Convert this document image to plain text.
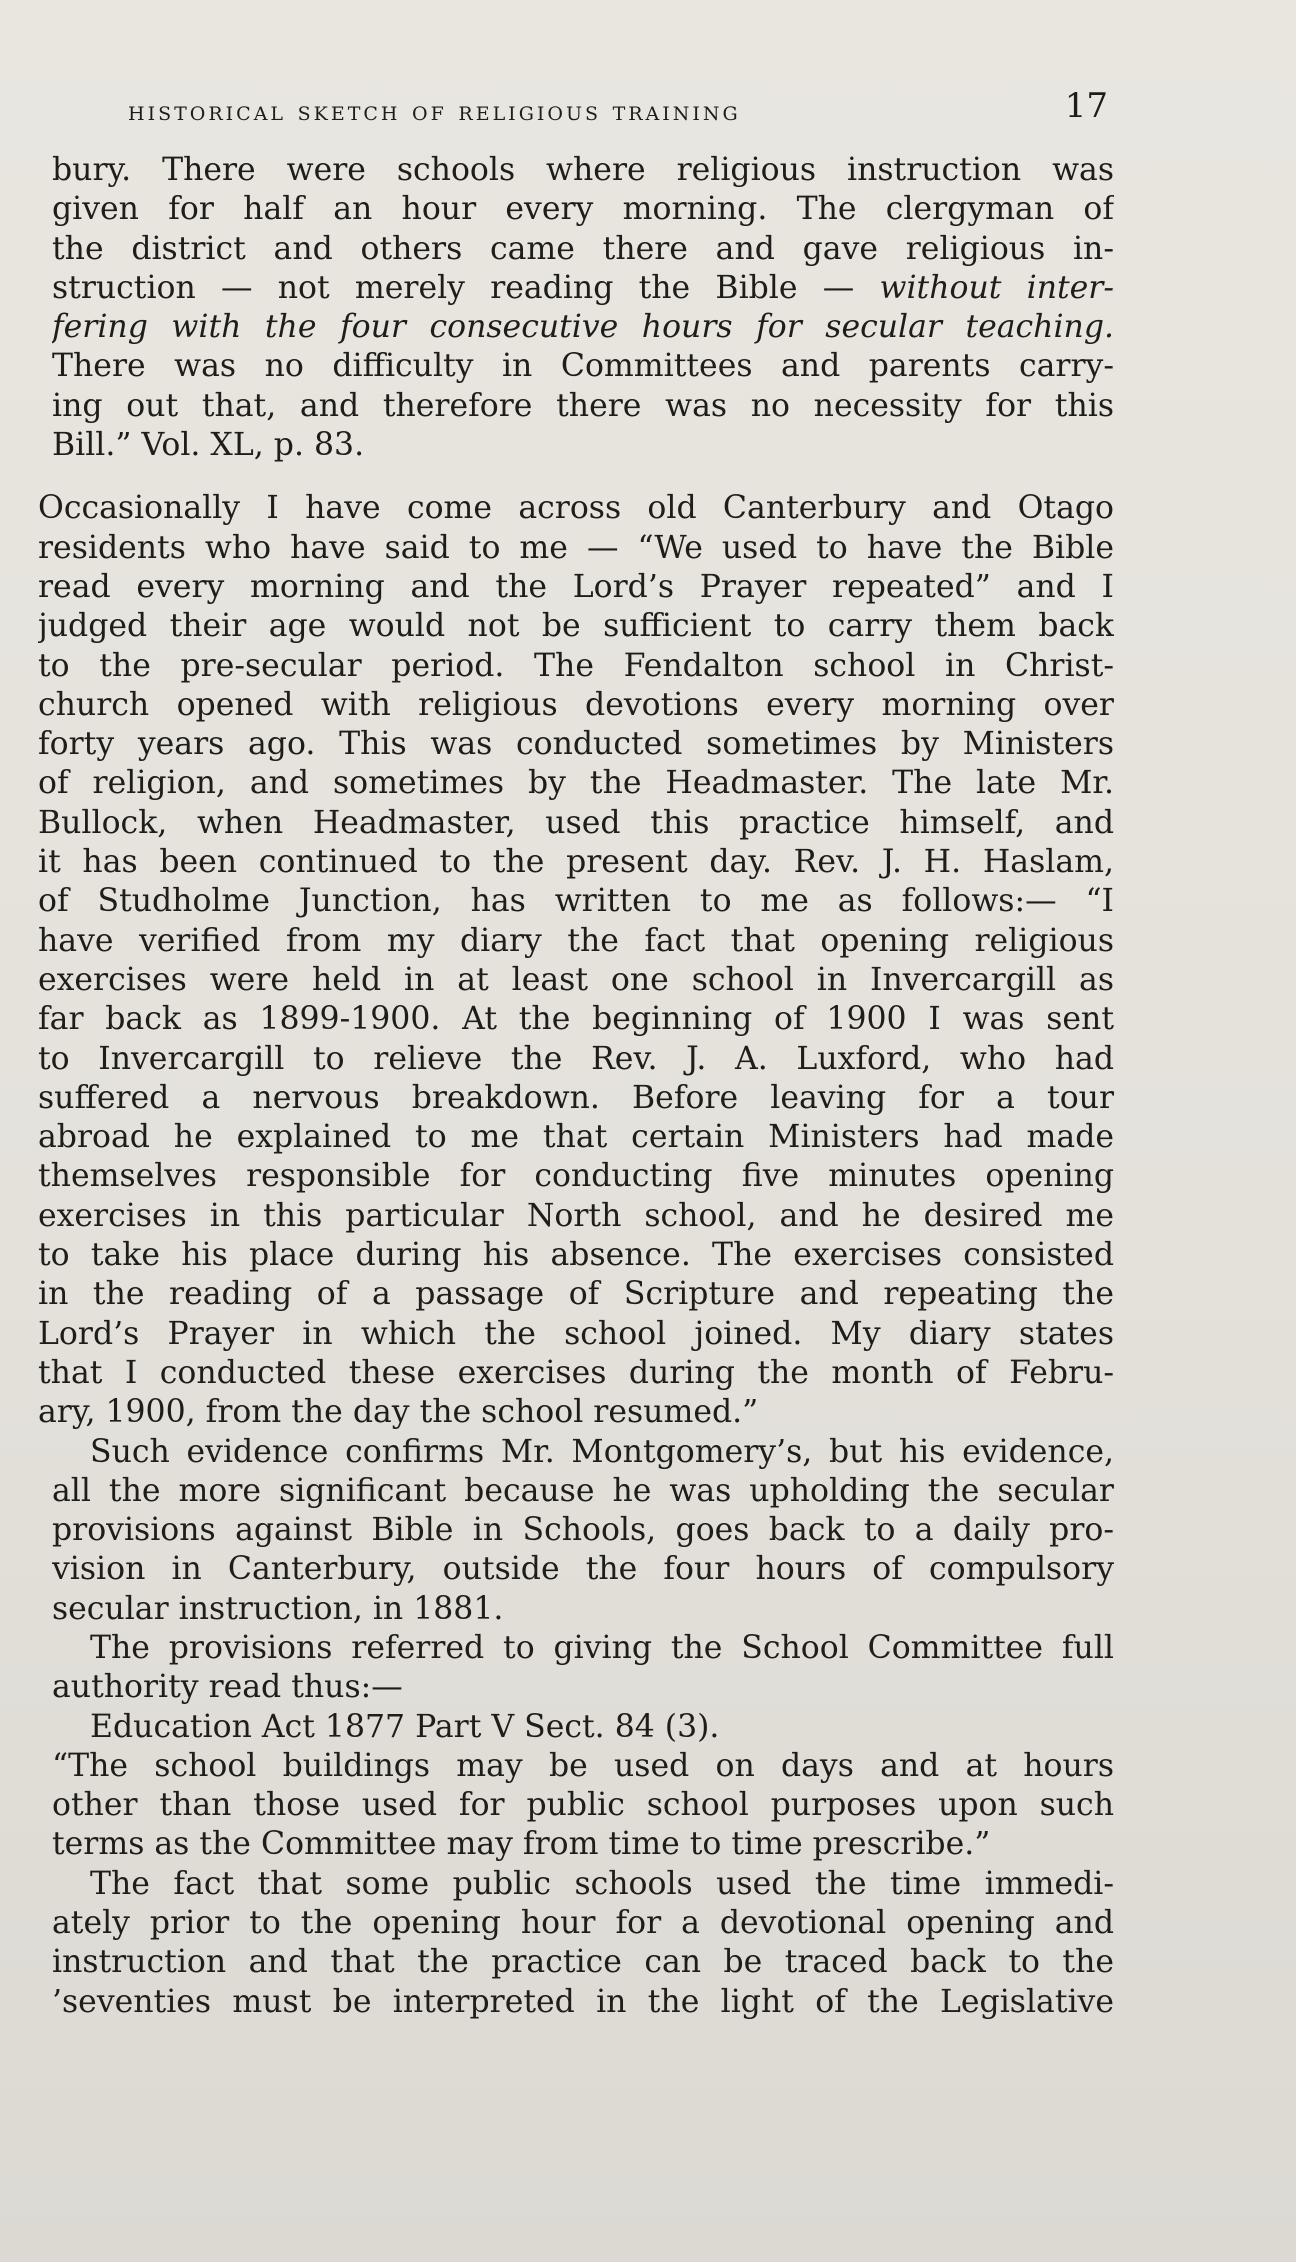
historical sketch of religious training	17
bury. There were schools where religious instruction was
given for half an hour every morning. The clergyman of
the district and others came there and gave religious in-
struction — not merely reading the Bible — without inter-
fering with the four consecutive hours for secular teaching.
There was no difficulty in Committees and parents carry-
ing out that, and therefore there was no necessity for this
Bill.” Vol. XL, p. 83.
Occasionally I have come across old Canterbury and Otago
residents who have said to me — “We used to have the Bible
read every morning and the Lord’s Prayer repeated” and I
judged their age would not be sufficient to carry them back
to the pre-secular period. The Fendalton school in Christ-
church opened with religious devotions every morning over
forty years ago. This was conducted sometimes by Ministers
of religion, and sometimes by the Headmaster. The late Mr.
Bullock, when Headmaster, used this practice himself, and
it has been continued to the present day. Rev. J. H. Haslam,
of Studholme Junction, has written to me as follows:— “I
have verified from my diary the fact that opening religious
exercises were held in at least one school in Invercargill as
far back as 1899-1900. At the beginning of 1900 I was sent
to Invercargill to relieve the Rev. J. A. Luxford, who had
suffered a nervous breakdown. Before leaving for a tour
abroad he explained to me that certain Ministers had made
themselves responsible for conducting five minutes opening
exercises in this particular North school, and he desired me
to take his place during his absence. The exercises consisted
in the reading of a passage of Scripture and repeating the
Lord’s Prayer in which the school joined. My diary states
that I conducted these exercises during the month of Febru-
ary, 1900, from the day the school resumed.”
Such evidence confirms Mr. Montgomery’s, but his evidence,
all the more significant because he was upholding the secular
provisions against Bible in Schools, goes back to a daily pro-
vision in Canterbury, outside the four hours of compulsory
secular instruction, in 1881.
The provisions referred to giving the School Committee full
authority read thus:—
Education Act 1877 Part V Sect. 84 (3).
“The school buildings may be used on days and at hours
other than those used for public school purposes upon such
terms as the Committee may from time to time prescribe.”
The fact that some public schools used the time immedi-
ately prior to the opening hour for a devotional opening and
instruction and that the practice can be traced back to the
’seventies must be interpreted in the light of the Legislative
